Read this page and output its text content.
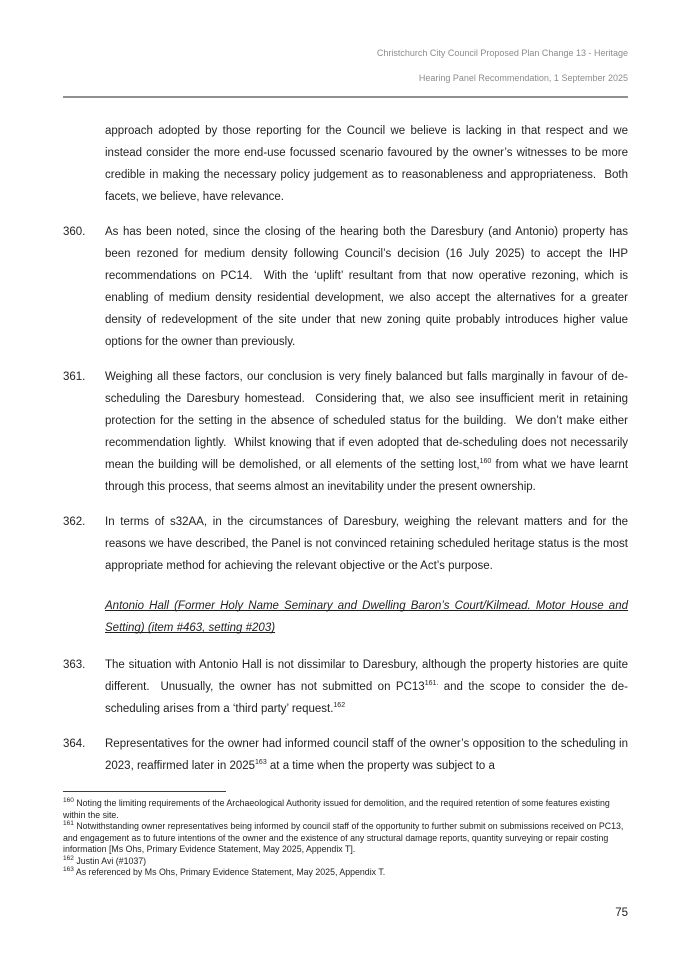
Christchurch City Council Proposed Plan Change 13 - Heritage
Hearing Panel Recommendation, 1 September 2025
approach adopted by those reporting for the Council we believe is lacking in that respect and we instead consider the more end-use focussed scenario favoured by the owner’s witnesses to be more credible in making the necessary policy judgement as to reasonableness and appropriateness.  Both facets, we believe, have relevance.
360.	As has been noted, since the closing of the hearing both the Daresbury (and Antonio) property has been rezoned for medium density following Council’s decision (16 July 2025) to accept the IHP recommendations on PC14.  With the ‘uplift’ resultant from that now operative rezoning, which is enabling of medium density residential development, we also accept the alternatives for a greater density of redevelopment of the site under that new zoning quite probably introduces higher value options for the owner than previously.
361.	Weighing all these factors, our conclusion is very finely balanced but falls marginally in favour of de-scheduling the Daresbury homestead.  Considering that, we also see insufficient merit in retaining protection for the setting in the absence of scheduled status for the building.  We don’t make either recommendation lightly.  Whilst knowing that if even adopted that de-scheduling does not necessarily mean the building will be demolished, or all elements of the setting lost,$^{160}$ from what we have learnt through this process, that seems almost an inevitability under the present ownership.
362.	In terms of s32AA, in the circumstances of Daresbury, weighing the relevant matters and for the reasons we have described, the Panel is not convinced retaining scheduled heritage status is the most appropriate method for achieving the relevant objective or the Act’s purpose.
Antonio Hall (Former Holy Name Seminary and Dwelling Baron’s Court/Kilmead. Motor House and Setting) (item #463, setting #203)
363.	The situation with Antonio Hall is not dissimilar to Daresbury, although the property histories are quite different.  Unusually, the owner has not submitted on PC13$^{161.}$ and the scope to consider the de-scheduling arises from a ‘third party’ request.$^{162}$
364.	Representatives for the owner had informed council staff of the owner’s opposition to the scheduling in 2023, reaffirmed later in 2025$^{163}$ at a time when the property was subject to a
$^{160}$ Noting the limiting requirements of the Archaeological Authority issued for demolition, and the required retention of some features existing within the site.
$^{161}$ Notwithstanding owner representatives being informed by council staff of the opportunity to further submit on submissions received on PC13, and engagement as to future intentions of the owner and the existence of any structural damage reports, quantity surveying or repair costing information [Ms Ohs, Primary Evidence Statement, May 2025, Appendix T].
$^{162}$ Justin Avi (#1037)
$^{163}$ As referenced by Ms Ohs, Primary Evidence Statement, May 2025, Appendix T.
75
